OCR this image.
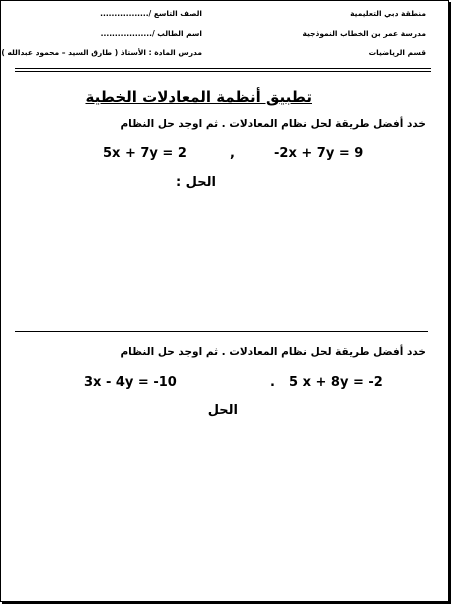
منطقة دبي التعليمية
مدرسة عمر بن الخطاب النموذجية
قسم الرياضيات
الصف التاسع /.................
اسم الطالب /..................
مدرس المادة : الأستاذ ( طارق السيد – محمود عبدالله )
تطبيق أنظمة المعادلات الخطية
خدد أفضل طريقة لحل نظام المعادلات . ثم اوجد حل النظام
5x + 7y = 2	,	-2x + 7y = 9
الحل :
خدد أفضل طريقة لحل نظام المعادلات . ثم اوجد حل النظام
3x - 4y = -10	. 5 x + 8y = -2
الحل
